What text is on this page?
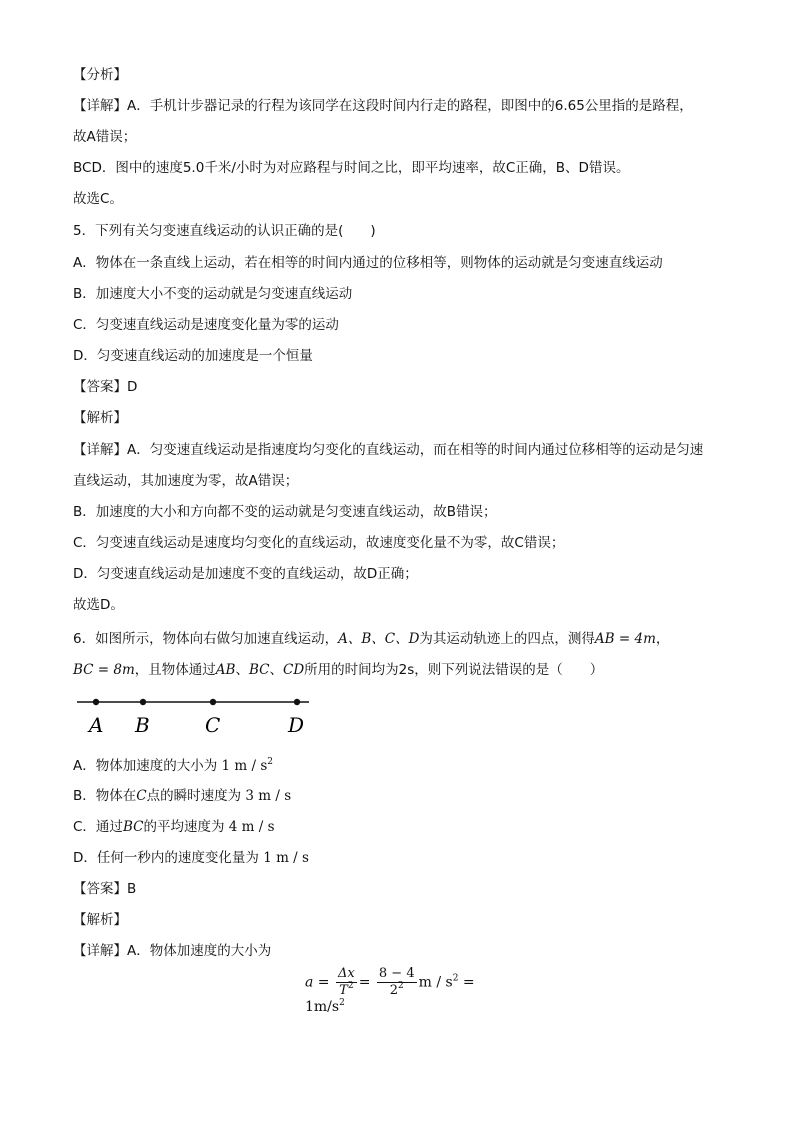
【分析】
【详解】A．手机计步器记录的行程为该同学在这段时间内行走的路程，即图中的6.65公里指的是路程，
故A错误；
BCD．图中的速度5.0千米/小时为对应路程与时间之比，即平均速率，故C正确，B、D错误。
故选C。
5．下列有关匀变速直线运动的认识正确的是(　　)
A．物体在一条直线上运动，若在相等的时间内通过的位移相等，则物体的运动就是匀变速直线运动
B．加速度大小不变的运动就是匀变速直线运动
C．匀变速直线运动是速度变化量为零的运动
D．匀变速直线运动的加速度是一个恒量
【答案】D
【解析】
【详解】A．匀变速直线运动是指速度均匀变化的直线运动，而在相等的时间内通过位移相等的运动是匀速
直线运动，其加速度为零，故A错误；
B．加速度的大小和方向都不变的运动就是匀变速直线运动，故B错误；
C．匀变速直线运动是速度均匀变化的直线运动，故速度变化量不为零，故C错误；
D．匀变速直线运动是加速度不变的直线运动，故D正确；
故选D。
6．如图所示，物体向右做匀加速直线运动，A、B、C、D为其运动轨迹上的四点，测得AB = 4m，
BC = 8m，且物体通过AB、BC、CD所用的时间均为2s，则下列说法错误的是（　　）
A B	C	D
A．物体加速度的大小为 1 m / $s^2$
B．物体在C点的瞬时速度为 3 m / s
C．通过BC的平均速度为 4 m / s
D．任何一秒内的速度变化量为 1 m / s
【答案】B
【解析】
【详解】A．物体加速度的大小为
$a = \frac{\Delta x}{T^2} = \frac{8 - 4}{2^2}$ $m / s^2 = 1m/s^2$
